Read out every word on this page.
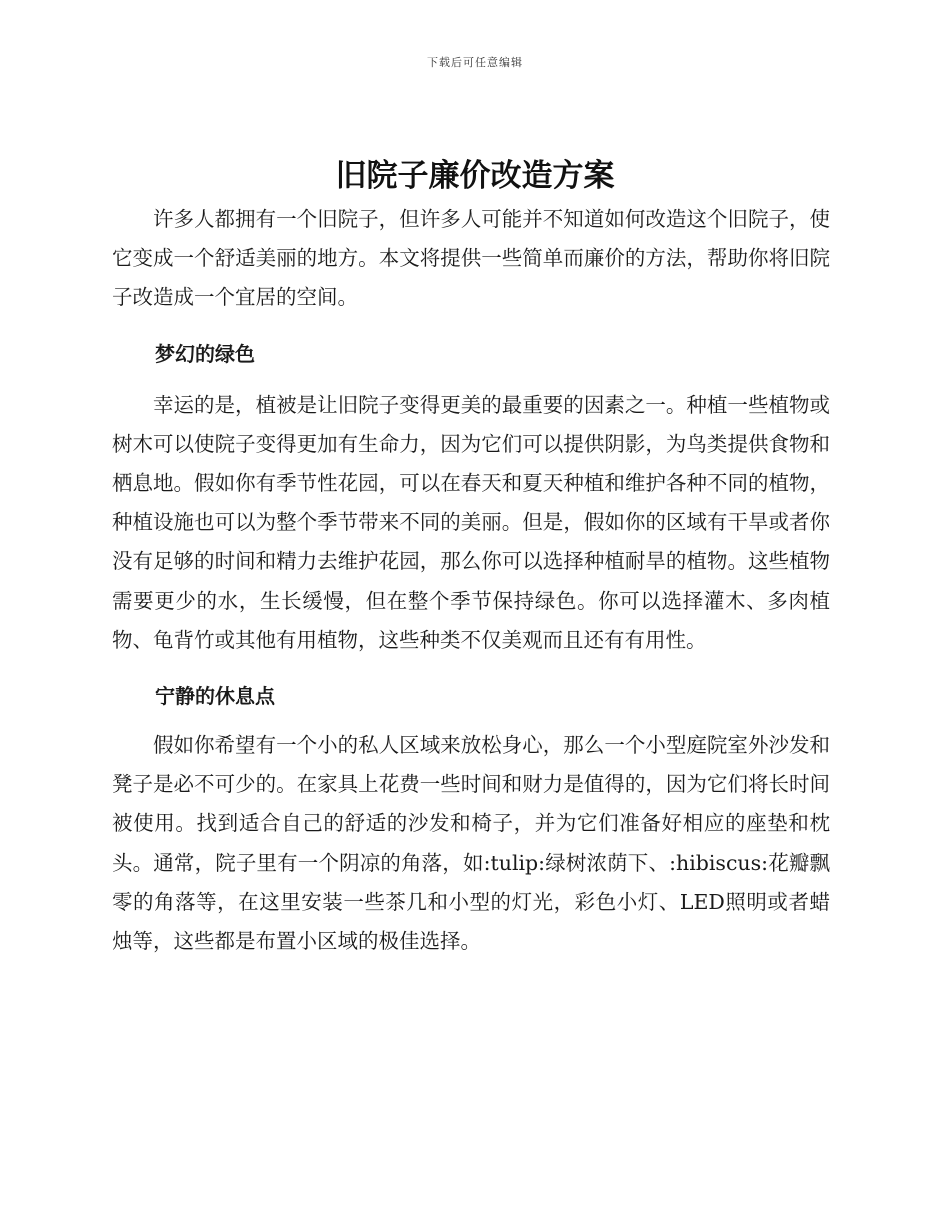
下载后可任意编辑
旧院子廉价改造方案

许多人都拥有一个旧院子，但许多人可能并不知道如何改造这个旧院子，使它变成一个舒适美丽的地方。本文将提供一些简单而廉价的方法，帮助你将旧院子改造成一个宜居的空间。

梦幻的绿色

幸运的是，植被是让旧院子变得更美的最重要的因素之一。种植一些植物或树木可以使院子变得更加有生命力，因为它们可以提供阴影，为鸟类提供食物和栖息地。假如你有季节性花园，可以在春天和夏天种植和维护各种不同的植物，种植设施也可以为整个季节带来不同的美丽。但是，假如你的区域有干旱或者你没有足够的时间和精力去维护花园，那么你可以选择种植耐旱的植物。这些植物需要更少的水，生长缓慢，但在整个季节保持绿色。你可以选择灌木、多肉植物、龟背竹或其他有用植物，这些种类不仅美观而且还有有用性。

宁静的休息点

假如你希望有一个小的私人区域来放松身心，那么一个小型庭院室外沙发和凳子是必不可少的。在家具上花费一些时间和财力是值得的，因为它们将长时间被使用。找到适合自己的舒适的沙发和椅子，并为它们准备好相应的座垫和枕头。通常，院子里有一个阴凉的角落，如:tulip:绿树浓荫下、:hibiscus:花瓣飘零的角落等，在这里安装一些茶几和小型的灯光，彩色小灯、LED照明或者蜡烛等，这些都是布置小区域的极佳选择。
